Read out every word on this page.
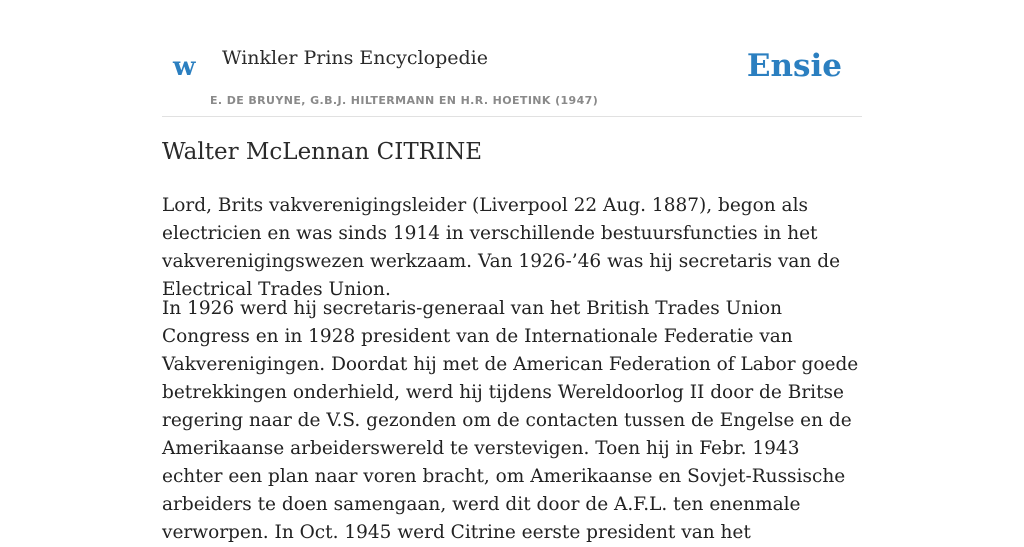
w Winkler Prins Encyclopedie
E. DE BRUYNE, G.B.J. HILTERMANN EN H.R. HOETINK (1947)
Ensie
Walter McLennan CITRINE

Lord, Brits vakverenigingsleider (Liverpool 22 Aug. 1887), begon als electricien en was sinds 1914 in verschillende bestuursfuncties in het vakverenigingswezen werkzaam. Van 1926-’46 was hij secretaris van de Electrical Trades Union.

In 1926 werd hij secretaris-generaal van het British Trades Union Congress en in 1928 president van de Internationale Federatie van Vakverenigingen. Doordat hij met de American Federation of Labor goede betrekkingen onderhield, werd hij tijdens Wereldoorlog II door de Britse regering naar de V.S. gezonden om de contacten tussen de Engelse en de Amerikaanse arbeiderswereld te verstevigen. Toen hij in Febr. 1943 echter een plan naar voren bracht, om Amerikaanse en Sovjet-Russische arbeiders te doen samengaan, werd dit door de A.F.L. ten enenmale verworpen. In Oct. 1945 werd Citrine eerste president van het
